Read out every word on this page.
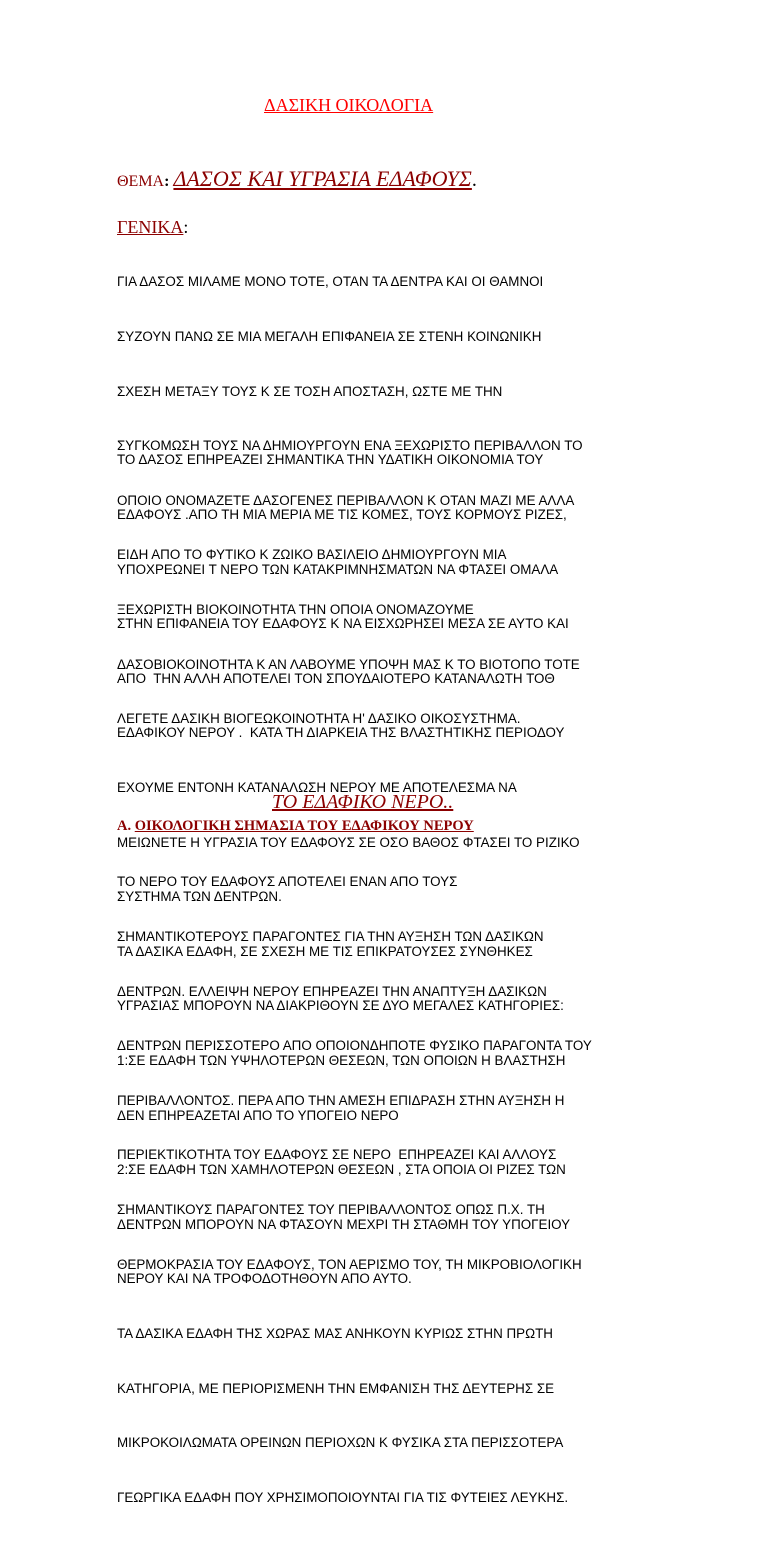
ΔΑΣΙΚΗ ΟΙΚΟΛΟΓΙΑ
ΘΕΜΑ: ΔΑΣΟΣ ΚΑΙ ΥΓΡΑΣΙΑ ΕΔΑΦΟΥΣ.
ΓΕΝΙΚΑ:

ΓΙΑ ΔΑΣΟΣ ΜΙΛΑΜΕ ΜΟΝΟ ΤΟΤΕ, ΟΤΑΝ ΤΑ ΔΕΝΤΡΑ ΚΑΙ ΟΙ ΘΑΜΝΟΙ

ΣΥΖΟΥΝ ΠΑΝΩ ΣΕ ΜΙΑ ΜΕΓΑΛΗ ΕΠΙΦΑΝΕΙΑ ΣΕ ΣΤΕΝΗ ΚΟΙΝΩΝΙΚΗ

ΣΧΕΣΗ ΜΕΤΑΞΥ ΤΟΥΣ Κ ΣΕ ΤΟΣΗ ΑΠΟΣΤΑΣΗ, ΩΣΤΕ ΜΕ ΤΗΝ

ΣΥΓΚΟΜΩΣΗ ΤΟΥΣ ΝΑ ΔΗΜΙΟΥΡΓΟΥΝ ΕΝΑ ΞΕΧΩΡΙΣΤΟ ΠΕΡΙΒΑΛΛΟΝ ΤΟ

ΟΠΟΙΟ ΟΝΟΜΑΖΕΤΕ ΔΑΣΟΓΕΝΕΣ ΠΕΡΙΒΑΛΛΟΝ Κ ΟΤΑΝ ΜΑΖΙ ΜΕ ΑΛΛΑ

ΕΙΔΗ ΑΠΟ ΤΟ ΦΥΤΙΚΟ Κ ΖΩΙΚΟ ΒΑΣΙΛΕΙΟ ΔΗΜΙΟΥΡΓΟΥΝ ΜΙΑ

ΞΕΧΩΡΙΣΤΗ ΒΙΟΚΟΙΝΟΤΗΤΑ ΤΗΝ ΟΠΟΙΑ ΟΝΟΜΑΖΟΥΜΕ

ΔΑΣΟΒΙΟΚΟΙΝΟΤΗΤΑ Κ ΑΝ ΛΑΒΟΥΜΕ ΥΠΟΨΗ ΜΑΣ Κ ΤΟ ΒΙΟΤΟΠΟ ΤΟΤΕ

ΛΕΓΕΤΕ ΔΑΣΙΚΗ ΒΙΟΓΕΩΚΟΙΝΟΤΗΤΑ Η' ΔΑΣΙΚΟ ΟΙΚΟΣΥΣΤΗΜΑ.

ΤΟ ΔΑΣΟΣ ΕΠΗΡΕΑΖΕΙ ΣΗΜΑΝΤΙΚΑ ΤΗΝ ΥΔΑΤΙΚΗ ΟΙΚΟΝΟΜΙΑ ΤΟΥ

ΕΔΑΦΟΥΣ .ΑΠΟ ΤΗ ΜΙΑ ΜΕΡΙΑ ΜΕ ΤΙΣ ΚΟΜΕΣ, ΤΟΥΣ ΚΟΡΜΟΥΣ ΡΙΖΕΣ,

ΥΠΟΧΡΕΩΝΕΙ Τ ΝΕΡΟ ΤΩΝ ΚΑΤΑΚΡΙΜΝΗΣΜΑΤΩΝ ΝΑ ΦΤΑΣΕΙ ΟΜΑΛΑ

ΣΤΗΝ ΕΠΙΦΑΝΕΙΑ ΤΟΥ ΕΔΑΦΟΥΣ Κ ΝΑ ΕΙΣΧΩΡΗΣΕΙ ΜΕΣΑ ΣΕ ΑΥΤΟ ΚΑΙ

ΑΠΟ  ΤΗΝ ΑΛΛΗ ΑΠΟΤΕΛΕΙ ΤΟΝ ΣΠΟΥΔΑΙΟΤΕΡΟ ΚΑΤΑΝΑΛΩΤΗ ΤΟΘ

ΕΔΑΦΙΚΟΥ ΝΕΡΟΥ .  ΚΑΤΑ ΤΗ ΔΙΑΡΚΕΙΑ ΤΗΣ ΒΛΑΣΤΗΤΙΚΗΣ ΠΕΡΙΟΔΟΥ

ΕΧΟΥΜΕ ΕΝΤΟΝΗ ΚΑΤΑΝΑΛΩΣΗ ΝΕΡΟΥ ΜΕ ΑΠΟΤΕΛΕΣΜΑ ΝΑ

ΜΕΙΩΝΕΤΕ Η ΥΓΡΑΣΙΑ ΤΟΥ ΕΔΑΦΟΥΣ ΣΕ ΟΣΟ ΒΑΘΟΣ ΦΤΑΣΕΙ ΤΟ ΡΙΖΙΚΟ

ΣΥΣΤΗΜΑ ΤΩΝ ΔΕΝΤΡΩΝ.

ΤΑ ΔΑΣΙΚΑ ΕΔΑΦΗ, ΣΕ ΣΧΕΣΗ ΜΕ ΤΙΣ ΕΠΙΚΡΑΤΟΥΣΕΣ ΣΥΝΘΗΚΕΣ

ΥΓΡΑΣΙΑΣ ΜΠΟΡΟΥΝ ΝΑ ΔΙΑΚΡΙΘΟΥΝ ΣΕ ΔΥΟ ΜΕΓΑΛΕΣ ΚΑΤΗΓΟΡΙΕΣ:

1:ΣΕ ΕΔΑΦΗ ΤΩΝ ΥΨΗΛΟΤΕΡΩΝ ΘΕΣΕΩΝ, ΤΩΝ ΟΠΟΙΩΝ Η ΒΛΑΣΤΗΣΗ

ΔΕΝ ΕΠΗΡΕΑΖΕΤΑΙ ΑΠΟ ΤΟ ΥΠΟΓΕΙΟ ΝΕΡΟ

2:ΣΕ ΕΔΑΦΗ ΤΩΝ ΧΑΜΗΛΟΤΕΡΩΝ ΘΕΣΕΩΝ , ΣΤΑ ΟΠΟΙΑ ΟΙ ΡΙΖΕΣ ΤΩΝ

ΔΕΝΤΡΩΝ ΜΠΟΡΟΥΝ ΝΑ ΦΤΑΣΟΥΝ ΜΕΧΡΙ ΤΗ ΣΤΑΘΜΗ ΤΟΥ ΥΠΟΓΕΙΟΥ

ΝΕΡΟΥ ΚΑΙ ΝΑ ΤΡΟΦΟΔΟΤΗΘΟΥΝ ΑΠΟ ΑΥΤΟ.

ΤΑ ΔΑΣΙΚΑ ΕΔΑΦΗ ΤΗΣ ΧΩΡΑΣ ΜΑΣ ΑΝΗΚΟΥΝ ΚΥΡΙΩΣ ΣΤΗΝ ΠΡΩΤΗ

ΚΑΤΗΓΟΡΙΑ, ΜΕ ΠΕΡΙΟΡΙΣΜΕΝΗ ΤΗΝ ΕΜΦΑΝΙΣΗ ΤΗΣ ΔΕΥΤΕΡΗΣ ΣΕ

ΜΙΚΡΟΚΟΙΛΩΜΑΤΑ ΟΡΕΙΝΩΝ ΠΕΡΙΟΧΩΝ Κ ΦΥΣΙΚΑ ΣΤΑ ΠΕΡΙΣΣΟΤΕΡΑ

ΓΕΩΡΓΙΚΑ ΕΔΑΦΗ ΠΟΥ ΧΡΗΣΙΜΟΠΟΙΟΥΝΤΑΙ ΓΙΑ ΤΙΣ ΦΥΤΕΙΕΣ ΛΕΥΚΗΣ.

ΤΟ ΕΔΑΦΙΚΟ ΝΕΡΟ..
Α. ΟΙΚΟΛΟΓΙΚΗ ΣΗΜΑΣΙΑ ΤΟΥ ΕΔΑΦΙΚΟΥ ΝΕΡΟΥ

ΤΟ ΝΕΡΟ ΤΟΥ ΕΔΑΦΟΥΣ ΑΠΟΤΕΛΕΙ ΕΝΑΝ ΑΠΟ ΤΟΥΣ

ΣΗΜΑΝΤΙΚΟΤΕΡΟΥΣ ΠΑΡΑΓΟΝΤΕΣ ΓΙΑ ΤΗΝ ΑΥΞΗΣΗ ΤΩΝ ΔΑΣΙΚΩΝ

ΔΕΝΤΡΩΝ. ΕΛΛΕΙΨΗ ΝΕΡΟΥ ΕΠΗΡΕΑΖΕΙ ΤΗΝ ΑΝΑΠΤΥΞΗ ΔΑΣΙΚΩΝ

ΔΕΝΤΡΩΝ ΠΕΡΙΣΣΟΤΕΡΟ ΑΠΟ ΟΠΟΙΟΝΔΗΠΟΤΕ ΦΥΣΙΚΟ ΠΑΡΑΓΟΝΤΑ ΤΟΥ

ΠΕΡΙΒΑΛΛΟΝΤΟΣ. ΠΕΡΑ ΑΠΟ ΤΗΝ ΑΜΕΣΗ ΕΠΙΔΡΑΣΗ ΣΤΗΝ ΑΥΞΗΣΗ Η

ΠΕΡΙΕΚΤΙΚΟΤΗΤΑ ΤΟΥ ΕΔΑΦΟΥΣ ΣΕ ΝΕΡΟ  ΕΠΗΡΕΑΖΕΙ ΚΑΙ ΑΛΛΟΥΣ

ΣΗΜΑΝΤΙΚΟΥΣ ΠΑΡΑΓΟΝΤΕΣ ΤΟΥ ΠΕΡΙΒΑΛΛΟΝΤΟΣ ΟΠΩΣ Π.Χ. ΤΗ

ΘΕΡΜΟΚΡΑΣΙΑ ΤΟΥ ΕΔΑΦΟΥΣ, ΤΟΝ ΑΕΡΙΣΜΟ ΤΟΥ, ΤΗ ΜΙΚΡΟΒΙΟΛΟΓΙΚΗ
